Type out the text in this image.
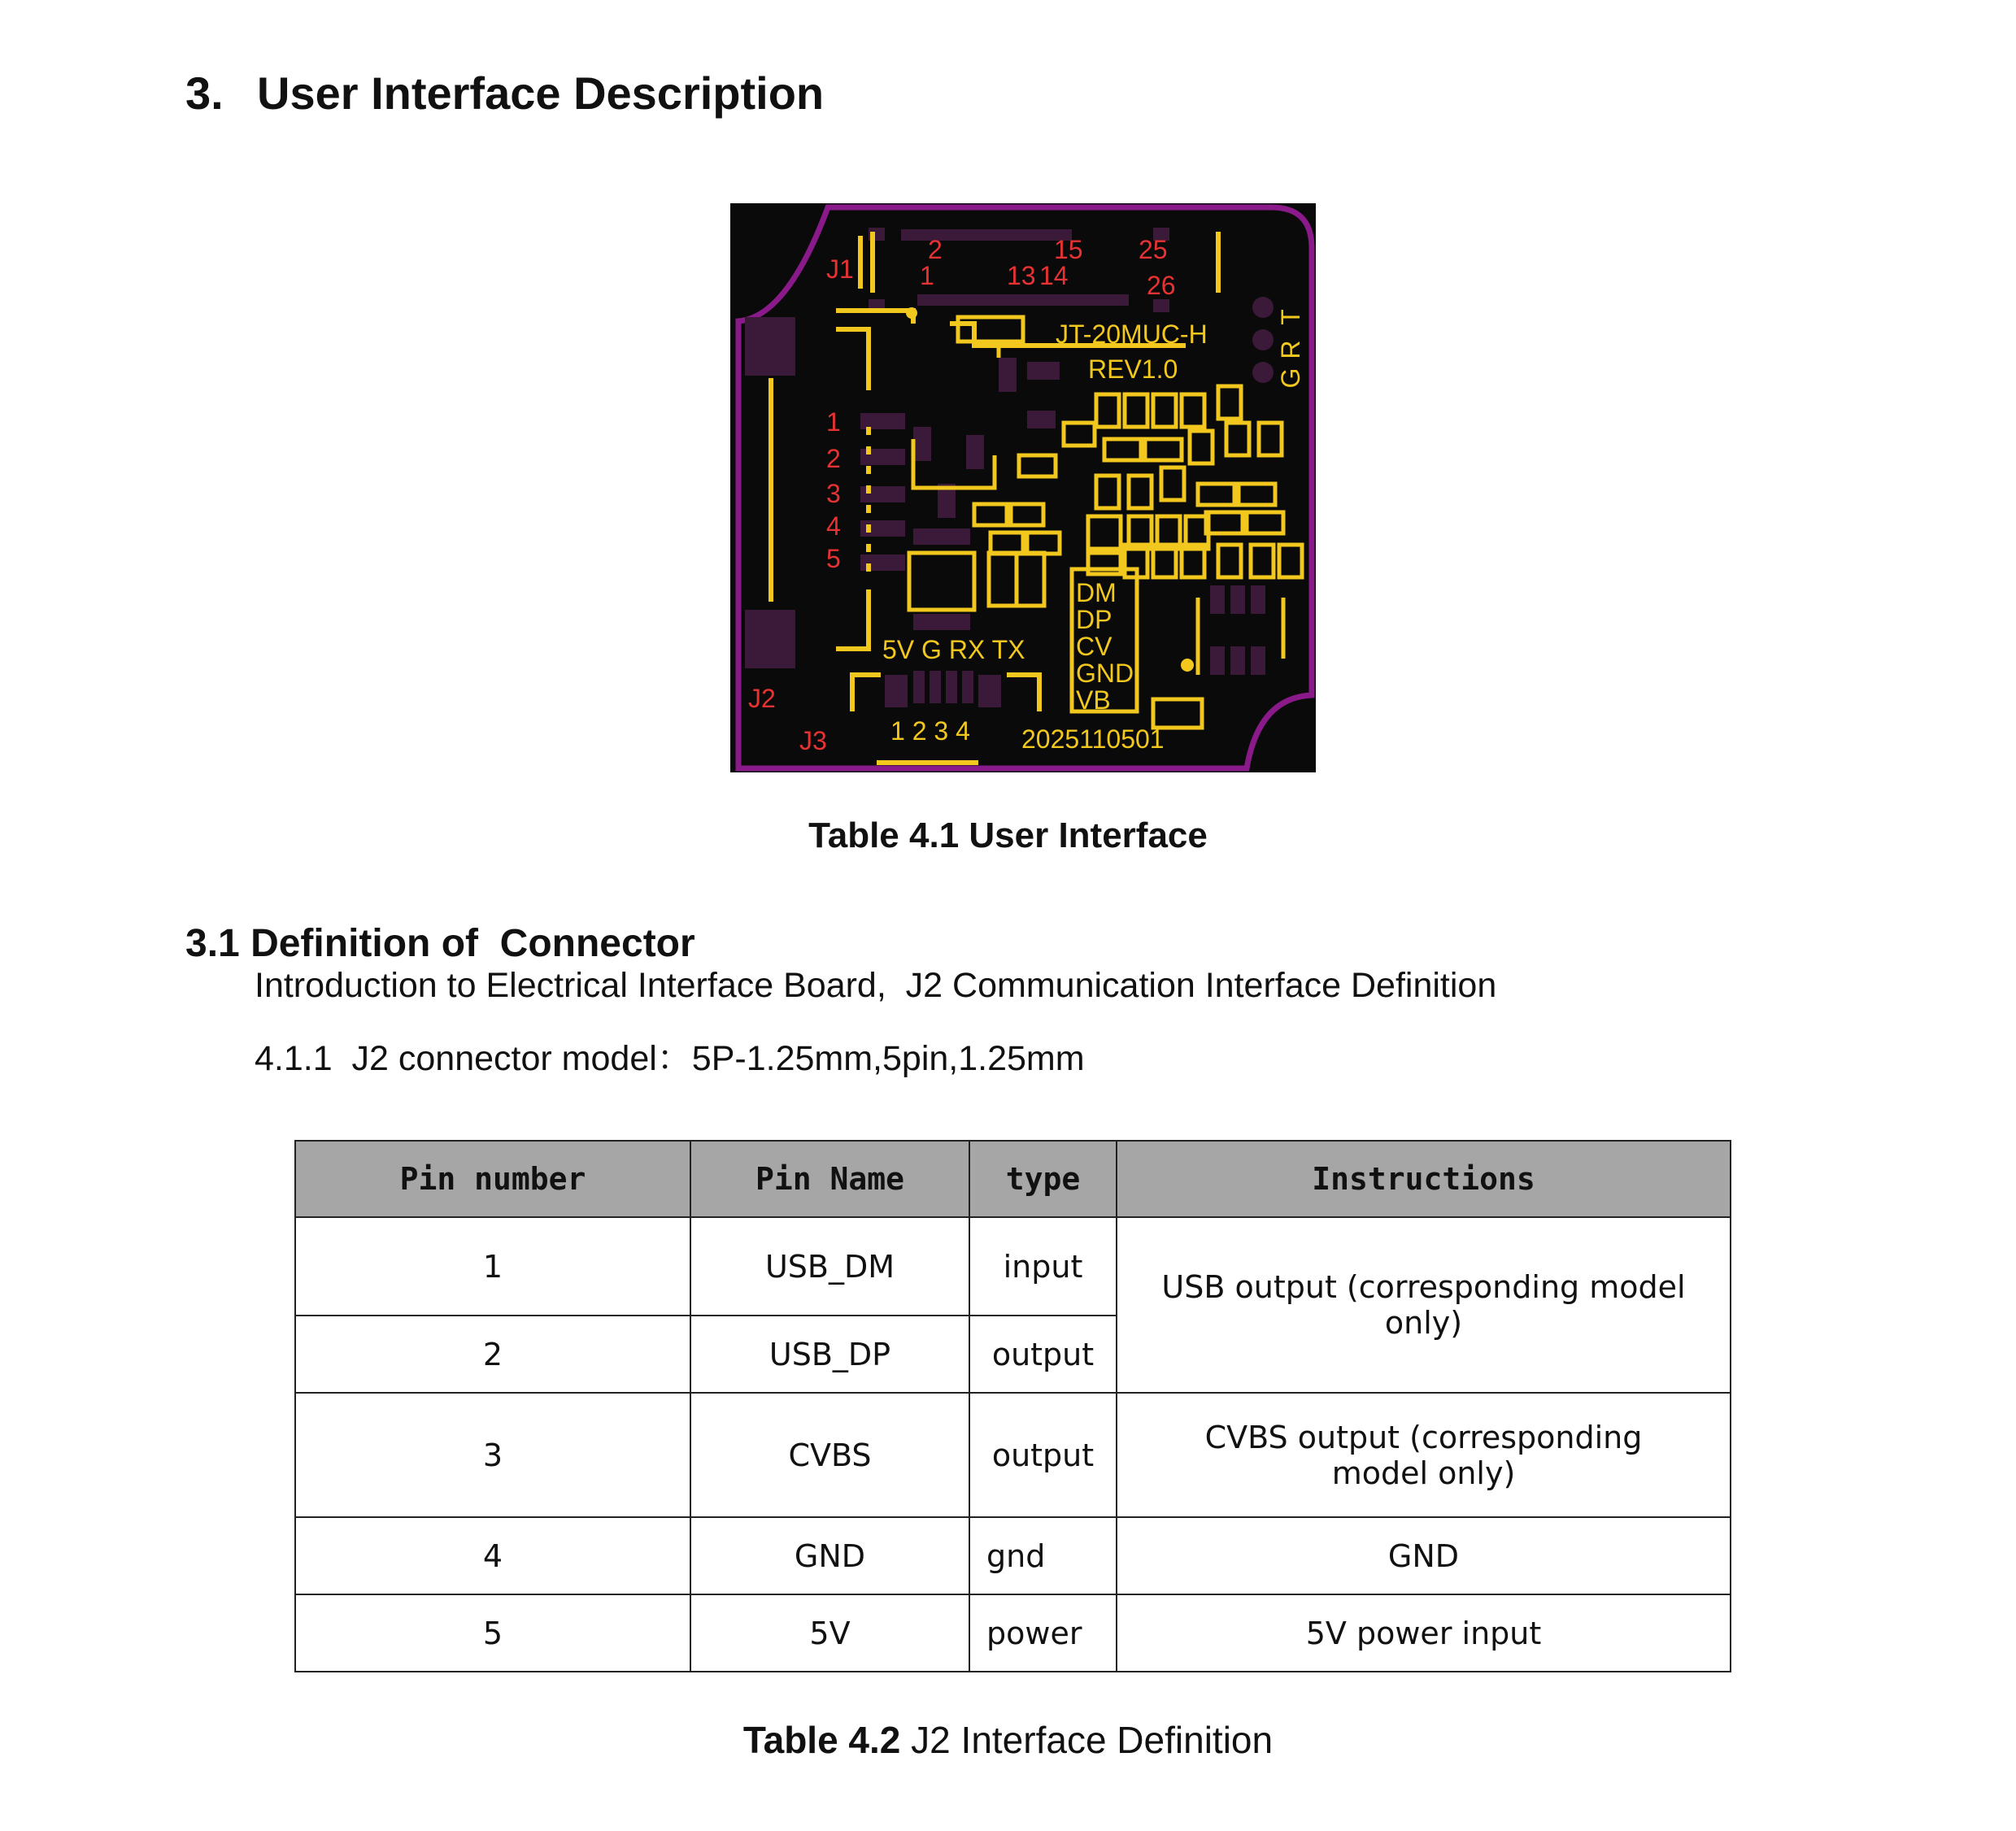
3. User Interface Description
JT-20MUC-H
REV1.0
2025110501
5V G RX TX
1 2 3 4
DM
DP
CV
GND
VB
G
R
T
J1
J2
J3
2
1
15
13 14
25
26
1
2
3
4
5
Table 4.1 User Interface
3.1 Definition of  Connector
Introduction to Electrical Interface Board,  J2 Communication Interface Definition
4.1.1  J2 connector model：5P-1.25mm,5pin,1.25mm
Pin number	Pin Name	type	Instructions
1	USB_DM	input	USB output (corresponding model only)
2	USB_DP	output	
3	CVBS	output	CVBS output (corresponding model only)
4	GND	gnd	GND
5	5V	power	5V power input
Table 4.2 J2 Interface Definition
